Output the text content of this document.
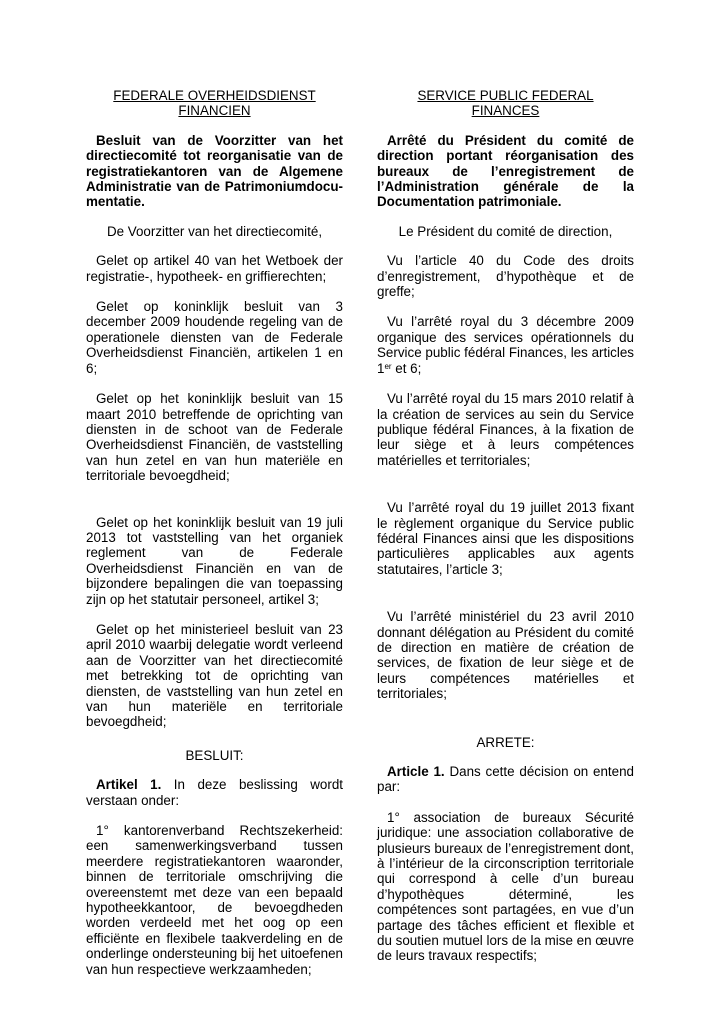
FEDERALE OVERHEIDSDIENST FINANCIEN

Besluit van de Voorzitter van het directiecomité tot reorganisatie van de registratiekantoren van de Algemene Administratie van de Patrimoniumdocu-mentatie.

De Voorzitter van het directiecomité,

Gelet op artikel 40 van het Wetboek der registratie-, hypotheek- en griffierechten;

Gelet op koninklijk besluit van 3 december 2009 houdende regeling van de operationele diensten van de Federale Overheidsdienst Financiën, artikelen 1 en 6;

Gelet op het koninklijk besluit van 15 maart 2010 betreffende de oprichting van diensten in de schoot van de Federale Overheidsdienst Financiën, de vaststelling van hun zetel en van hun materiële en territoriale bevoegdheid;

Gelet op het koninklijk besluit van 19 juli 2013 tot vaststelling van het organiek reglement van de Federale Overheidsdienst Financiën en van de bijzondere bepalingen die van toepassing zijn op het statutair personeel, artikel 3;

Gelet op het ministerieel besluit van 23 april 2010 waarbij delegatie wordt verleend aan de Voorzitter van het directiecomité met betrekking tot de oprichting van diensten, de vaststelling van hun zetel en van hun materiële en territoriale bevoegdheid;

BESLUIT:

Artikel 1. In deze beslissing wordt verstaan onder:

1° kantorenverband Rechtszekerheid: een samenwerkingsverband tussen meerdere registratiekantoren waaronder, binnen de territoriale omschrijving die overeenstemt met deze van een bepaald hypotheekkantoor, de bevoegdheden worden verdeeld met het oog op een efficiënte en flexibele taakverdeling en de onderlinge ondersteuning bij het uitoefenen van hun respectieve werkzaamheden;

SERVICE PUBLIC FEDERAL FINANCES

Arrêté du Président du comité de direction portant réorganisation des bureaux de l’enregistrement de l’Administration générale de la Documentation patrimoniale.

Le Président du comité de direction,

Vu l’article 40 du Code des droits d’enregistrement, d’hypothèque et de greffe;

Vu l’arrêté royal du 3 décembre 2009 organique des services opérationnels du Service public fédéral Finances, les articles 1er et 6;

Vu l’arrêté royal du 15 mars 2010 relatif à la création de services au sein du Service publique fédéral Finances, à la fixation de leur siège et à leurs compétences matérielles et territoriales;

Vu l’arrêté royal du 19 juillet 2013 fixant le règlement organique du Service public fédéral Finances ainsi que les dispositions particulières applicables aux agents statutaires, l’article 3;

Vu l’arrêté ministériel du 23 avril 2010 donnant délégation au Président du comité de direction en matière de création de services, de fixation de leur siège et de leurs compétences matérielles et territoriales;

ARRETE:

Article 1. Dans cette décision on entend par:

1° association de bureaux Sécurité juridique: une association collaborative de plusieurs bureaux de l’enregistrement dont, à l’intérieur de la circonscription territoriale qui correspond à celle d’un bureau d’hypothèques déterminé, les compétences sont partagées, en vue d’un partage des tâches efficient et flexible et du soutien mutuel lors de la mise en œuvre de leurs travaux respectifs;
